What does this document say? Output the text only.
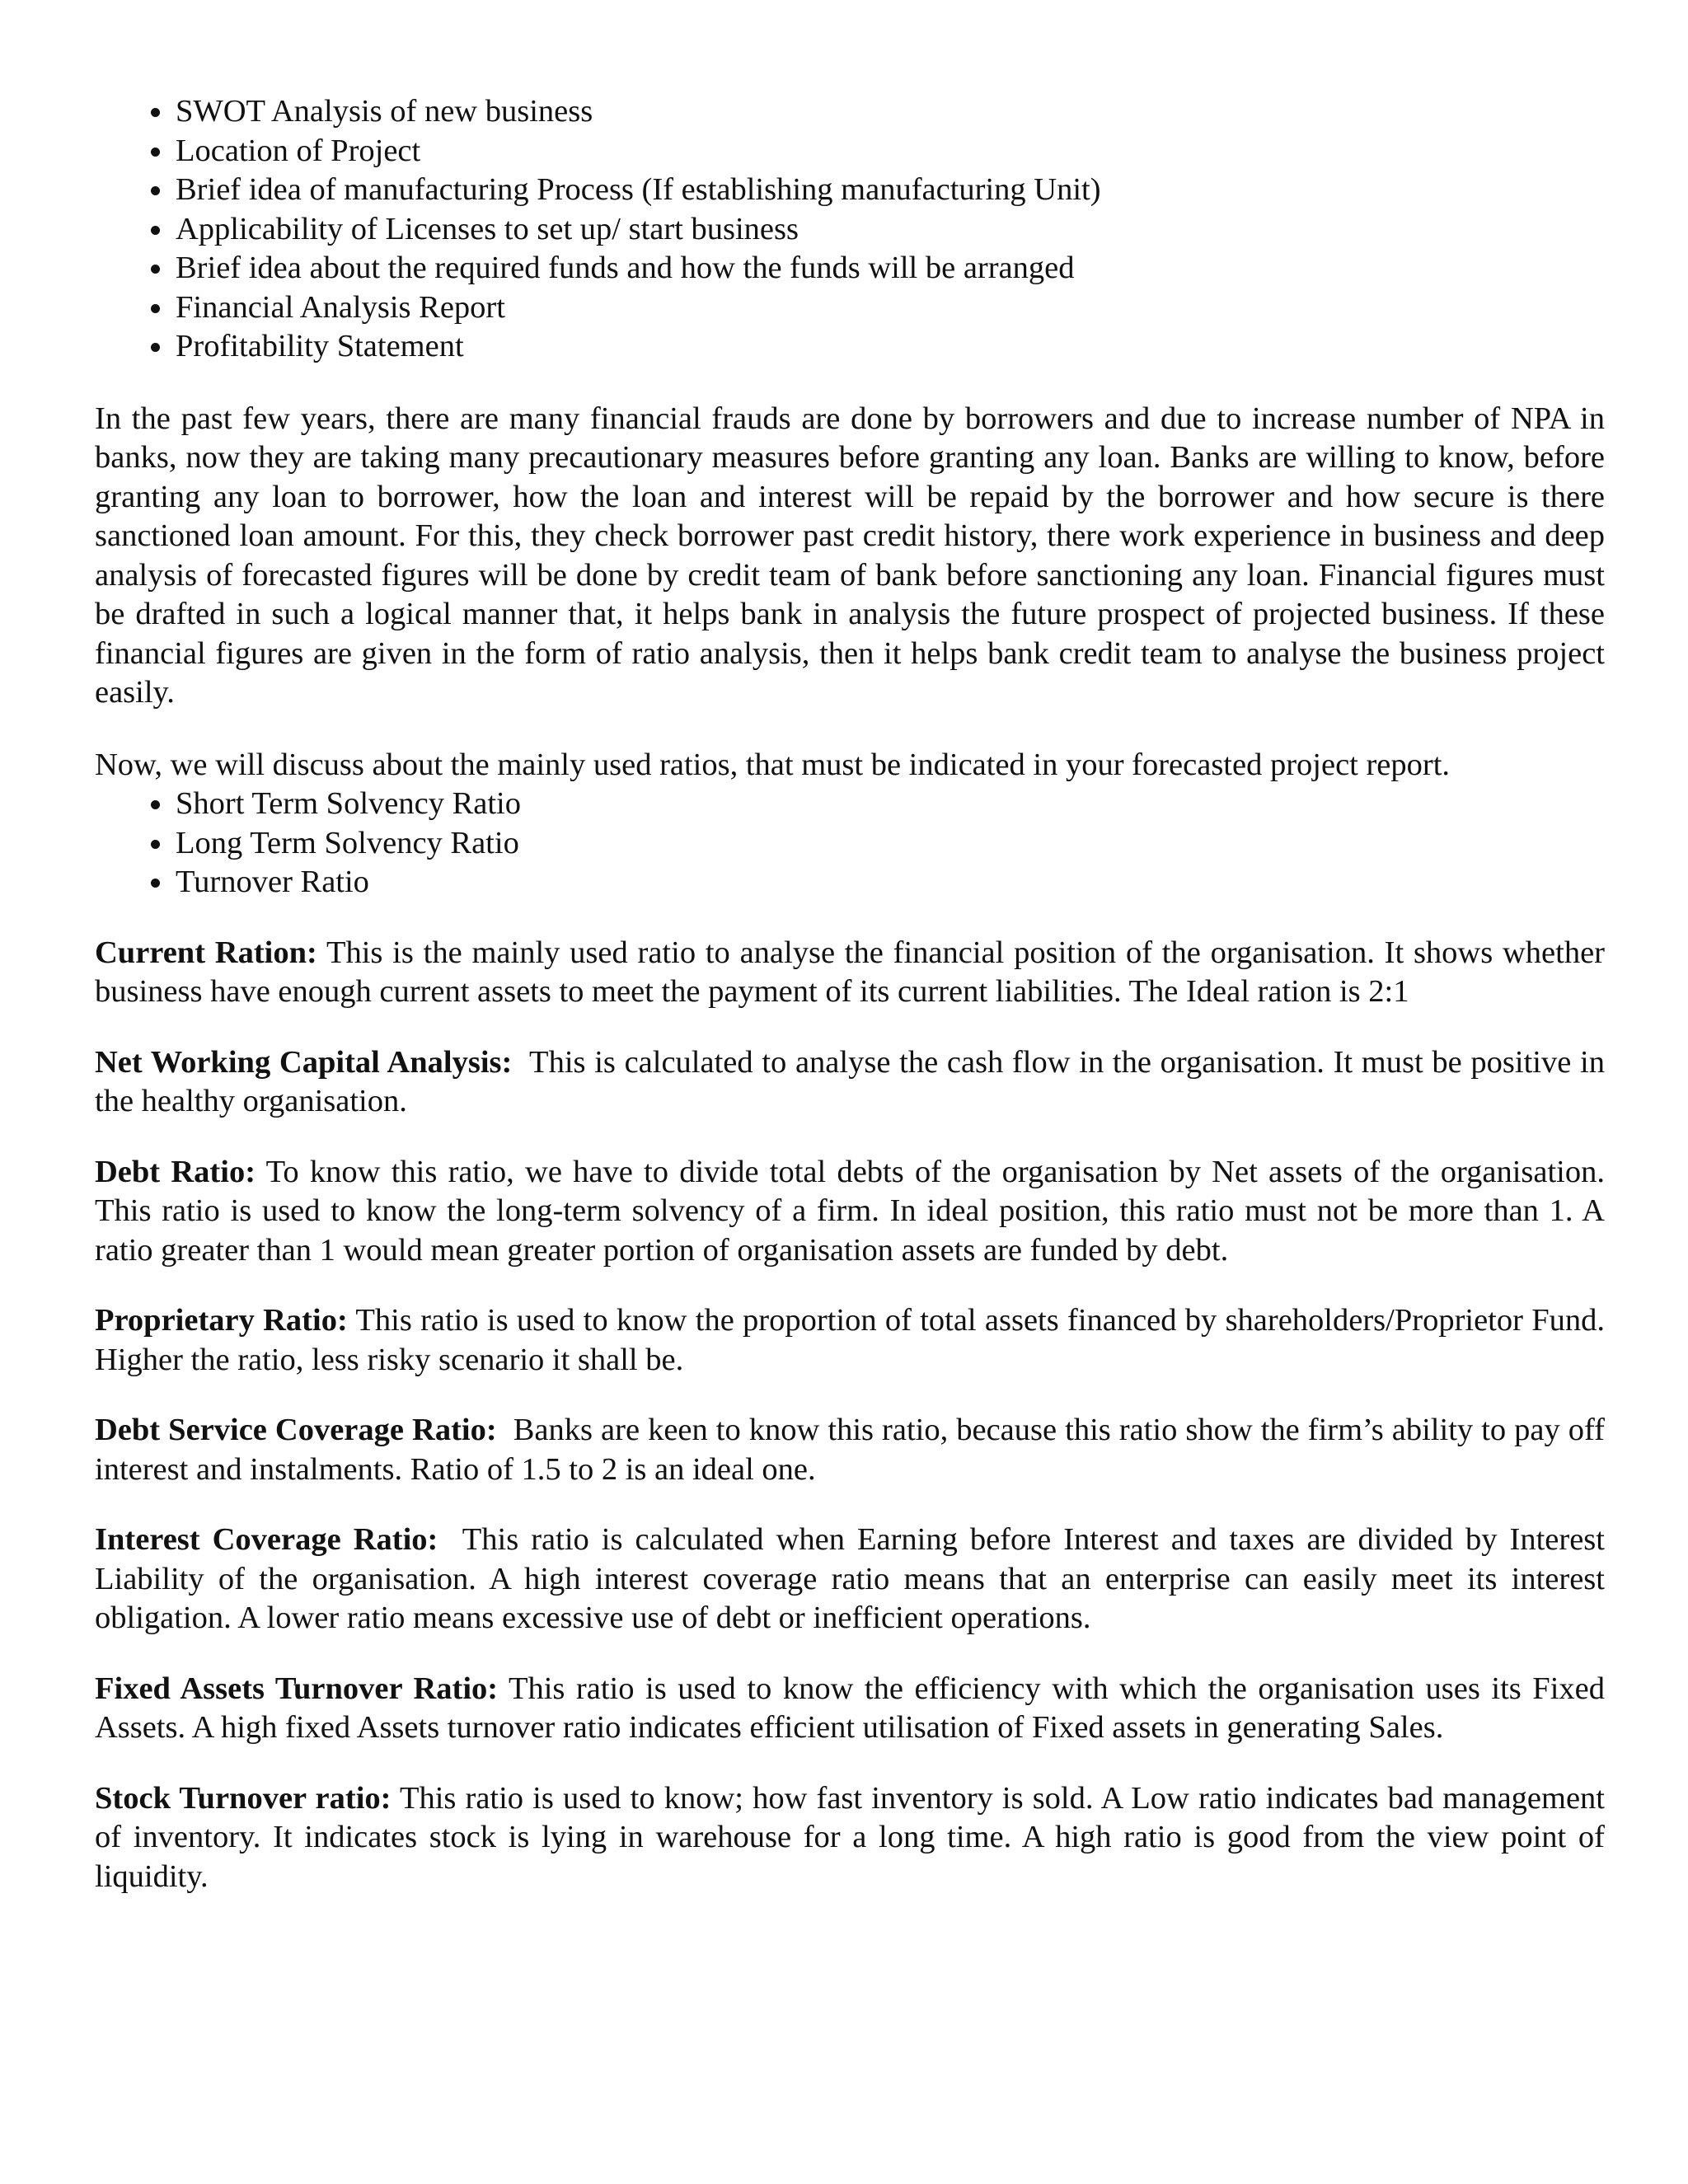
SWOT Analysis of new business
Location of Project
Brief idea of manufacturing Process (If establishing manufacturing Unit)
Applicability of Licenses to set up/ start business
Brief idea about the required funds and how the funds will be arranged
Financial Analysis Report
Profitability Statement

In the past few years, there are many financial frauds are done by borrowers and due to increase number of NPA in banks, now they are taking many precautionary measures before granting any loan. Banks are willing to know, before granting any loan to borrower, how the loan and interest will be repaid by the borrower and how secure is there sanctioned loan amount. For this, they check borrower past credit history, there work experience in business and deep analysis of forecasted figures will be done by credit team of bank before sanctioning any loan. Financial figures must be drafted in such a logical manner that, it helps bank in analysis the future prospect of projected business. If these financial figures are given in the form of ratio analysis, then it helps bank credit team to analyse the business project easily.

Now, we will discuss about the mainly used ratios, that must be indicated in your forecasted project report.

Short Term Solvency Ratio
Long Term Solvency Ratio
Turnover Ratio

Current Ration: This is the mainly used ratio to analyse the financial position of the organisation. It shows whether business have enough current assets to meet the payment of its current liabilities. The Ideal ration is 2:1

Net Working Capital Analysis: This is calculated to analyse the cash flow in the organisation. It must be positive in the healthy organisation.

Debt Ratio: To know this ratio, we have to divide total debts of the organisation by Net assets of the organisation. This ratio is used to know the long-term solvency of a firm. In ideal position, this ratio must not be more than 1. A ratio greater than 1 would mean greater portion of organisation assets are funded by debt.

Proprietary Ratio: This ratio is used to know the proportion of total assets financed by shareholders/Proprietor Fund. Higher the ratio, less risky scenario it shall be.

Debt Service Coverage Ratio: Banks are keen to know this ratio, because this ratio show the firm’s ability to pay off interest and instalments. Ratio of 1.5 to 2 is an ideal one.

Interest Coverage Ratio: This ratio is calculated when Earning before Interest and taxes are divided by Interest Liability of the organisation. A high interest coverage ratio means that an enterprise can easily meet its interest obligation. A lower ratio means excessive use of debt or inefficient operations.

Fixed Assets Turnover Ratio: This ratio is used to know the efficiency with which the organisation uses its Fixed Assets. A high fixed Assets turnover ratio indicates efficient utilisation of Fixed assets in generating Sales.

Stock Turnover ratio: This ratio is used to know; how fast inventory is sold. A Low ratio indicates bad management of inventory. It indicates stock is lying in warehouse for a long time. A high ratio is good from the view point of liquidity.
